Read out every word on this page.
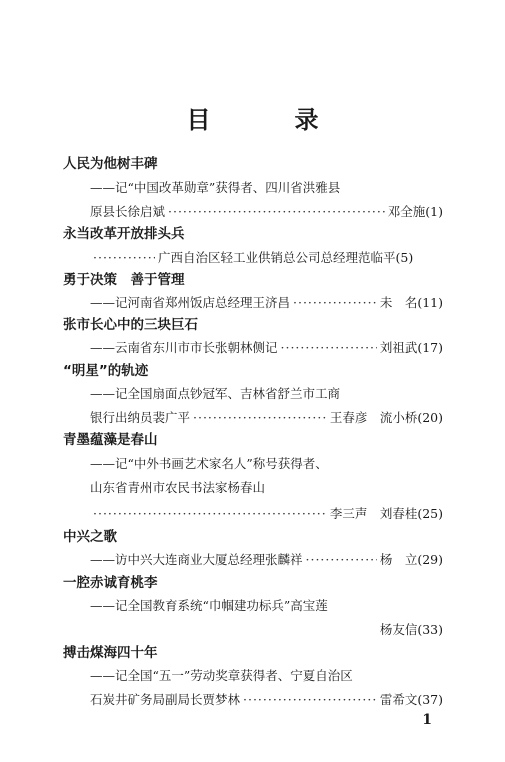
目　录
人民为他树丰碑
——记“中国改革勋章”获得者、四川省洪雅县
原县长徐启斌 ·····	邓全施 (1)
永当改革开放排头兵
·····
广西自治区轻工业供销总公司总经理范临平 (5)
勇于决策　善于管理
——记河南省郑州饭店总经理王济昌 ·····	未　名 (11)
张市长心中的三块巨石
——云南省东川市市长张朝林侧记 ·····	刘祖武 (17)
“明星”的轨迹
——记全国扇面点钞冠军、吉林省舒兰市工商
银行出纳员裴广平 ·····	王春彦　流小桥 (20)
青墨蕴藻是春山
——记“中外书画艺术家名人”称号获得者、
山东省青州市农民书法家杨春山
·····
李三声　刘春桂 (25)
中兴之歌
——访中兴大连商业大厦总经理张麟祥 ·····	杨　立 (29)
一腔赤诚育桃李
——记全国教育系统“巾帼建功标兵”高宝莲
杨友信 (33)
搏击煤海四十年
——记全国“五一”劳动奖章获得者、宁夏自治区
石炭井矿务局副局长贾梦林 ·····	雷希文 (37)
1
